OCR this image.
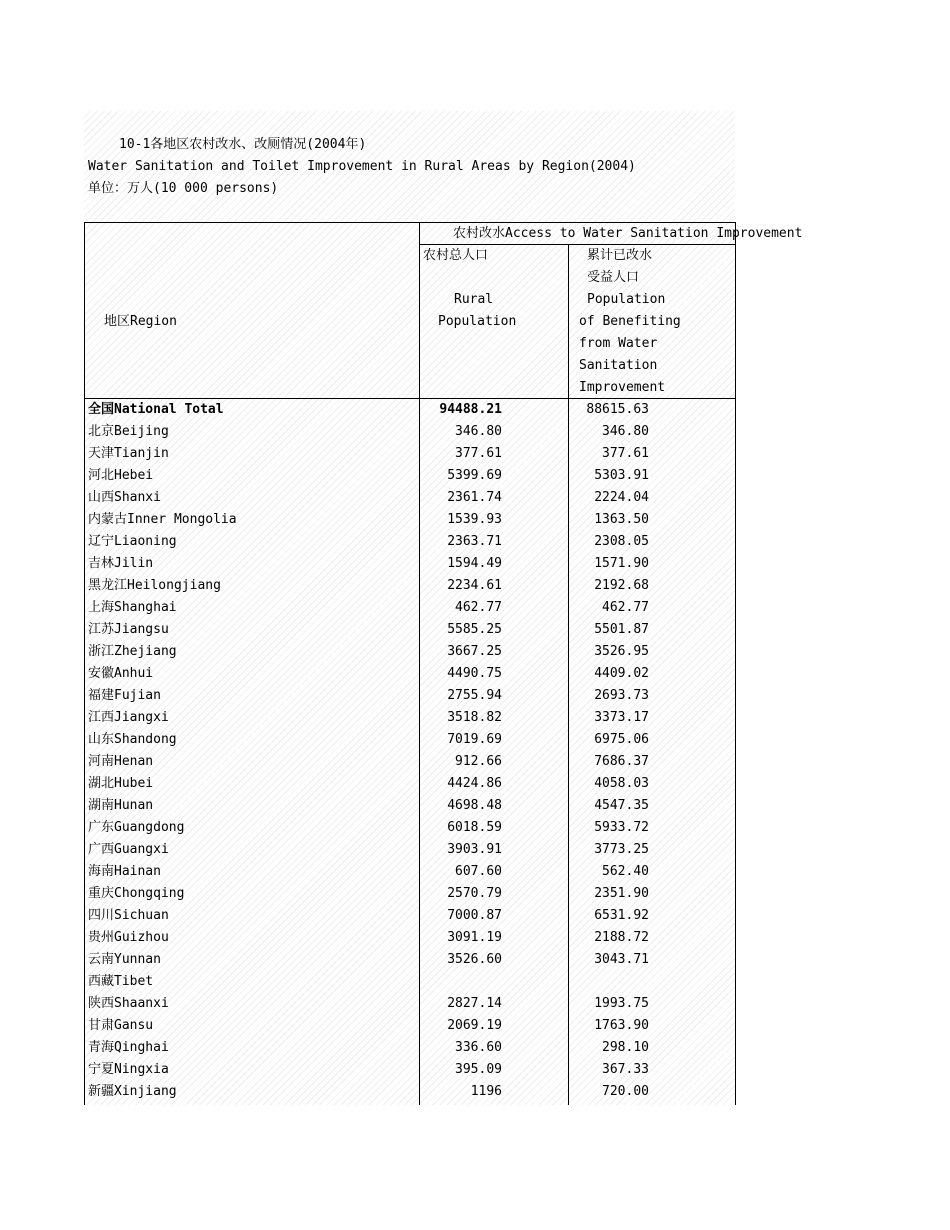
10-1各地区农村改水、改厕情况(2004年)
Water Sanitation and Toilet Improvement in Rural Areas by Region(2004)
单位：万人(10 000 persons)
地区Region
农村改水Access to Water Sanitation Improvement
农村总人口
Rural
Population
累计已改水
受益人口
Population
of Benefiting
from Water
Sanitation
Improvement
全国National Total	94488.21	88615.63
北京Beijing	346.80	346.80
天津Tianjin	377.61	377.61
河北Hebei	5399.69	5303.91
山西Shanxi	2361.74	2224.04
内蒙古Inner Mongolia	1539.93	1363.50
辽宁Liaoning	2363.71	2308.05
吉林Jilin	1594.49	1571.90
黑龙江Heilongjiang	2234.61	2192.68
上海Shanghai	462.77	462.77
江苏Jiangsu	5585.25	5501.87
浙江Zhejiang	3667.25	3526.95
安徽Anhui	4490.75	4409.02
福建Fujian	2755.94	2693.73
江西Jiangxi	3518.82	3373.17
山东Shandong	7019.69	6975.06
河南Henan	912.66	7686.37
湖北Hubei	4424.86	4058.03
湖南Hunan	4698.48	4547.35
广东Guangdong	6018.59	5933.72
广西Guangxi	3903.91	3773.25
海南Hainan	607.60	562.40
重庆Chongqing	2570.79	2351.90
四川Sichuan	7000.87	6531.92
贵州Guizhou	3091.19	2188.72
云南Yunnan	3526.60	3043.71
西藏Tibet
陕西Shaanxi	2827.14	1993.75
甘肃Gansu	2069.19	1763.90
青海Qinghai	336.60	298.10
宁夏Ningxia	395.09	367.33
新疆Xinjiang	1196	720.00
